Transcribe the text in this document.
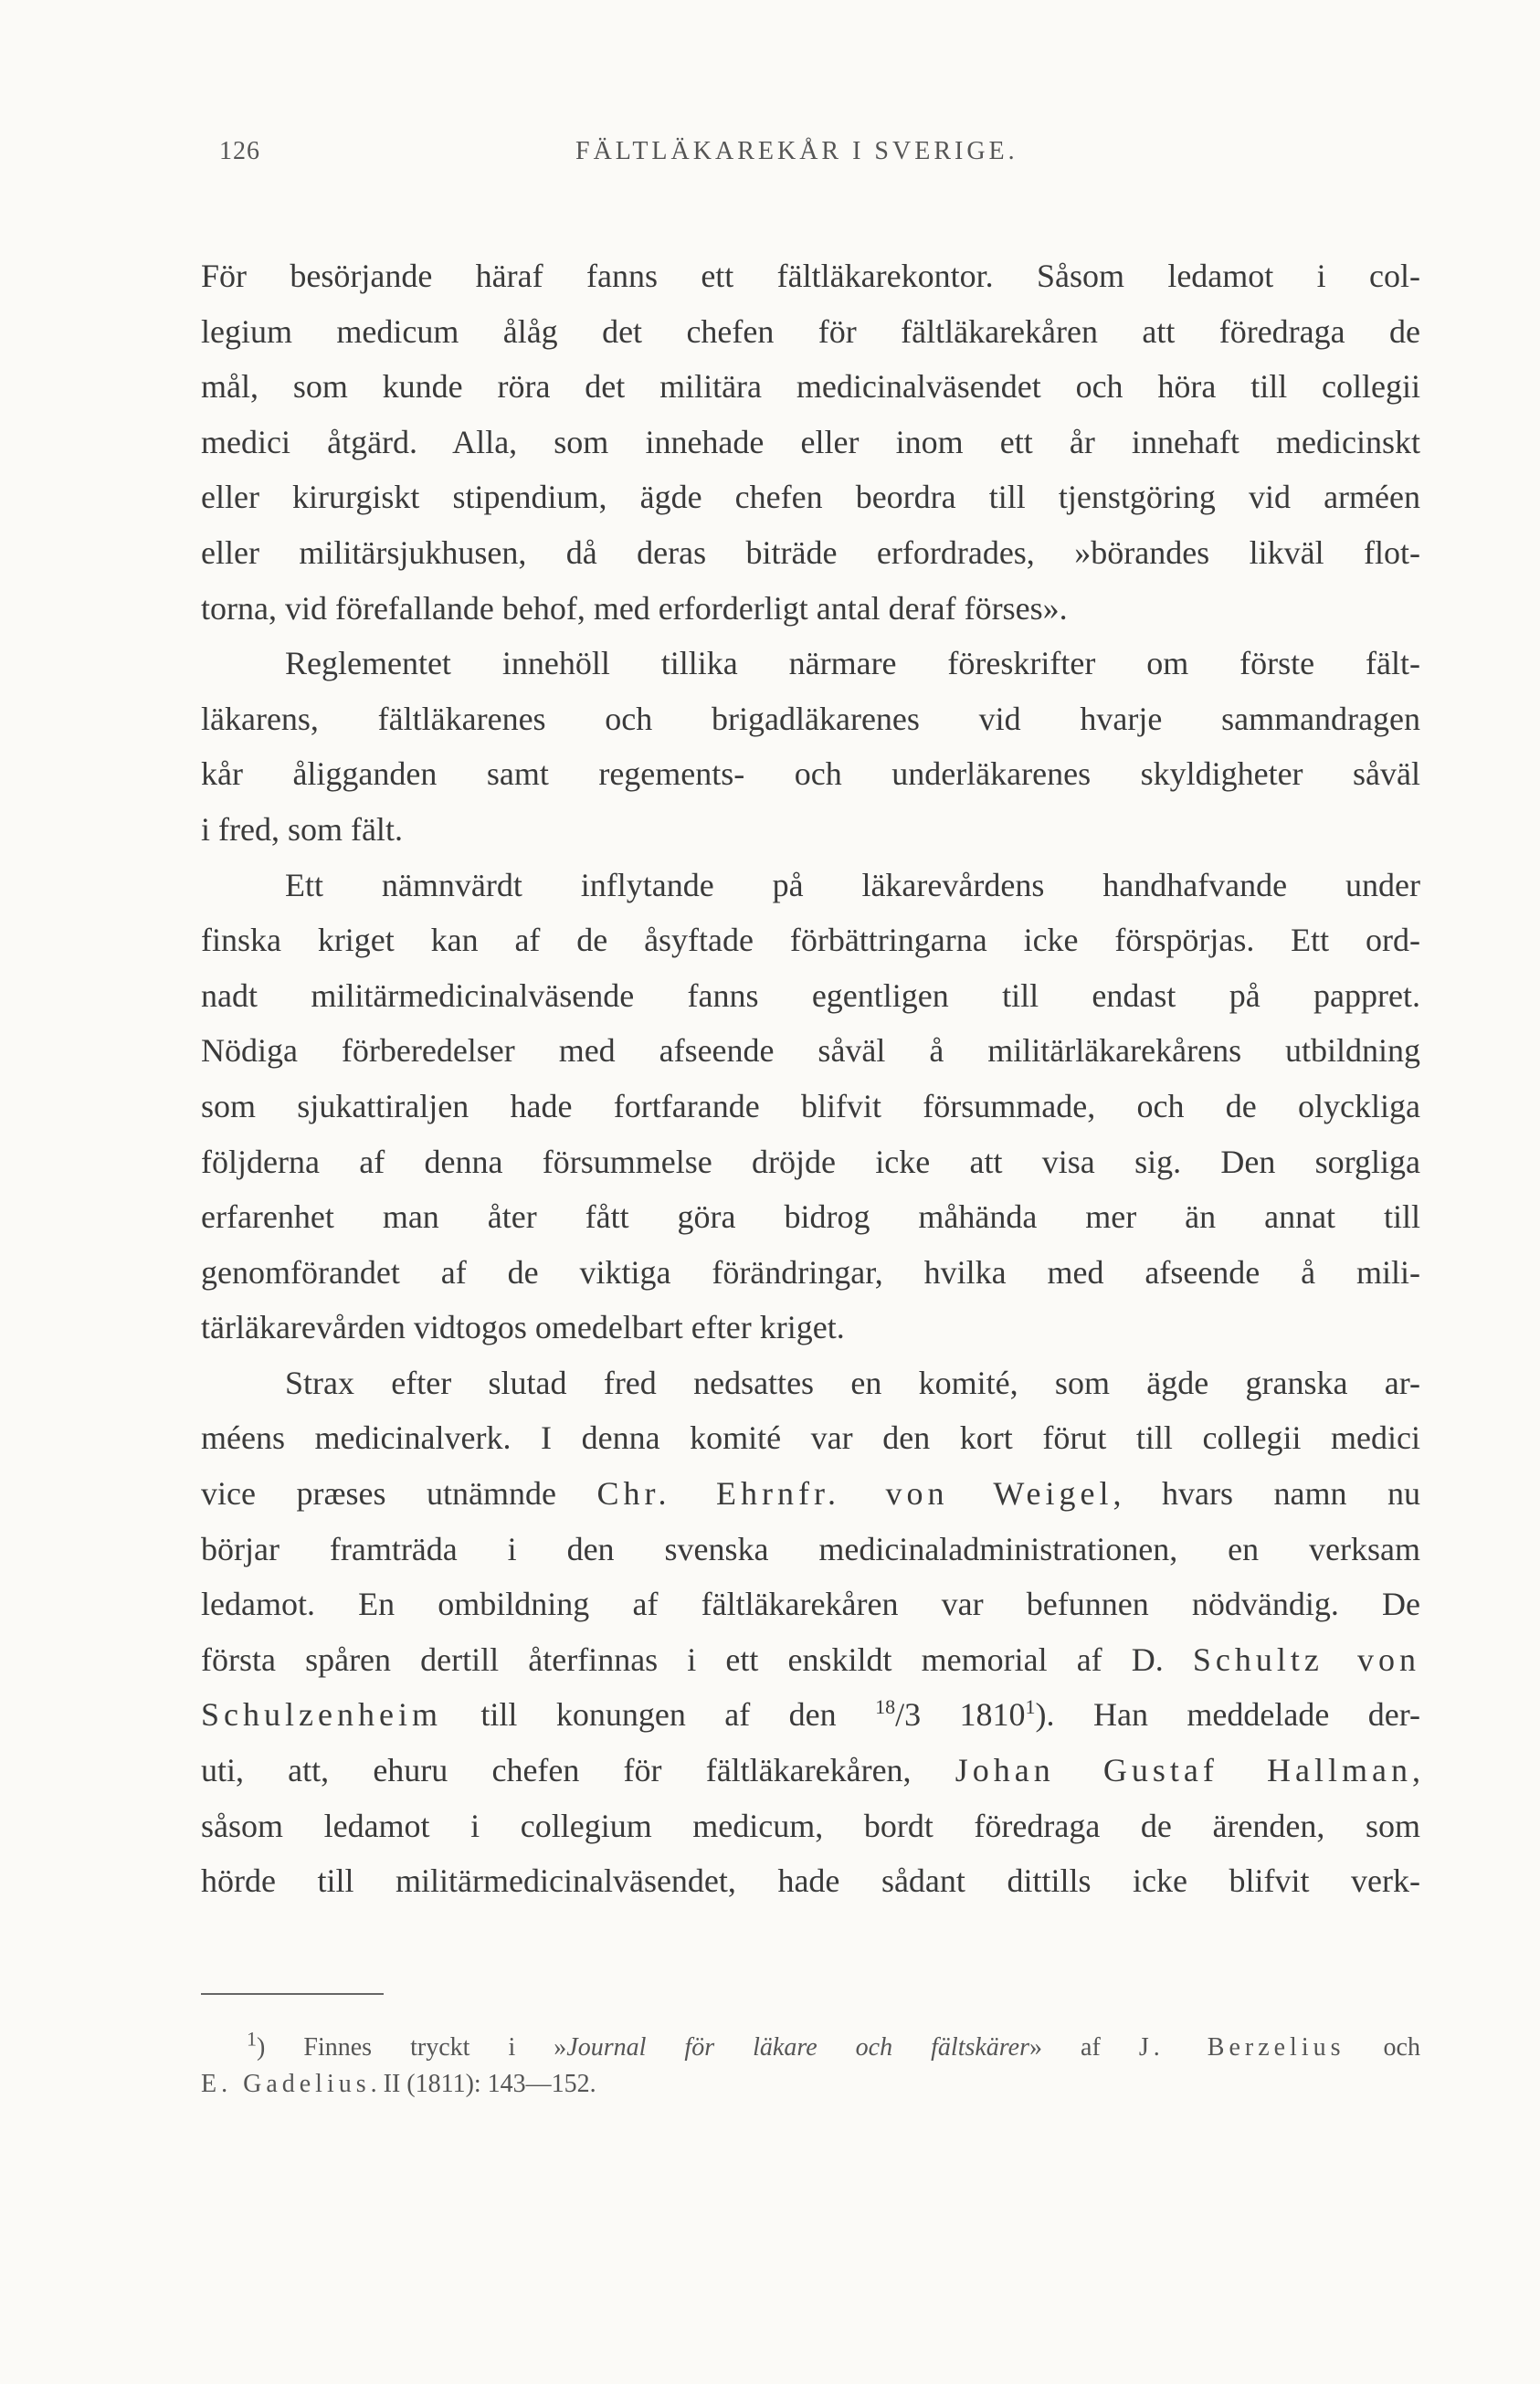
126	FÄLTLÄKAREKÅR I SVERIGE.
För besörjande häraf fanns ett fältläkarekontor. Såsom ledamot i col-
legium medicum ålåg det chefen för fältläkarekåren att föredraga de
mål, som kunde röra det militära medicinalväsendet och höra till collegii
medici åtgärd. Alla, som innehade eller inom ett år innehaft medicinskt
eller kirurgiskt stipendium, ägde chefen beordra till tjenstgöring vid arméen
eller militärsjukhusen, då deras biträde erfordrades, »börandes likväl flot-
torna, vid förefallande behof, med erforderligt antal deraf förses».
Reglementet innehöll tillika närmare föreskrifter om förste fält-
läkarens, fältläkarenes och brigadläkarenes vid hvarje sammandragen
kår åligganden samt regements- och underläkarenes skyldigheter såväl
i fred, som fält.
Ett nämnvärdt inflytande på läkarevårdens handhafvande under
finska kriget kan af de åsyftade förbättringarna icke förspörjas. Ett ord-
nadt militärmedicinalväsende fanns egentligen till endast på pappret.
Nödiga förberedelser med afseende såväl å militärläkarekårens utbildning
som sjukattiraljen hade fortfarande blifvit försummade, och de olyckliga
följderna af denna försummelse dröjde icke att visa sig. Den sorgliga
erfarenhet man åter fått göra bidrog måhända mer än annat till
genomförandet af de viktiga förändringar, hvilka med afseende å mili-
tärläkarevården vidtogos omedelbart efter kriget.
Strax efter slutad fred nedsattes en komité, som ägde granska ar-
méens medicinalverk. I denna komité var den kort förut till collegii medici
vice præses utnämnde Chr. Ehrnfr. von Weigel, hvars namn nu
börjar framträda i den svenska medicinaladministrationen, en verksam
ledamot. En ombildning af fältläkarekåren var befunnen nödvändig. De
första spåren dertill återfinnas i ett enskildt memorial af D. Schultz von
Schulzenheim till konungen af den $^{18}$/3 1810$^1$). Han meddelade der-
uti, att, ehuru chefen för fältläkarekåren, Johan Gustaf Hallman,
såsom ledamot i collegium medicum, bordt föredraga de ärenden, som
hörde till militärmedicinalväsendet, hade sådant dittills icke blifvit verk-
$^1$) Finnes tryckt i »Journal för läkare och fältskärer» af J. Berzelius och
E. Gadelius. II (1811): 143—152.
